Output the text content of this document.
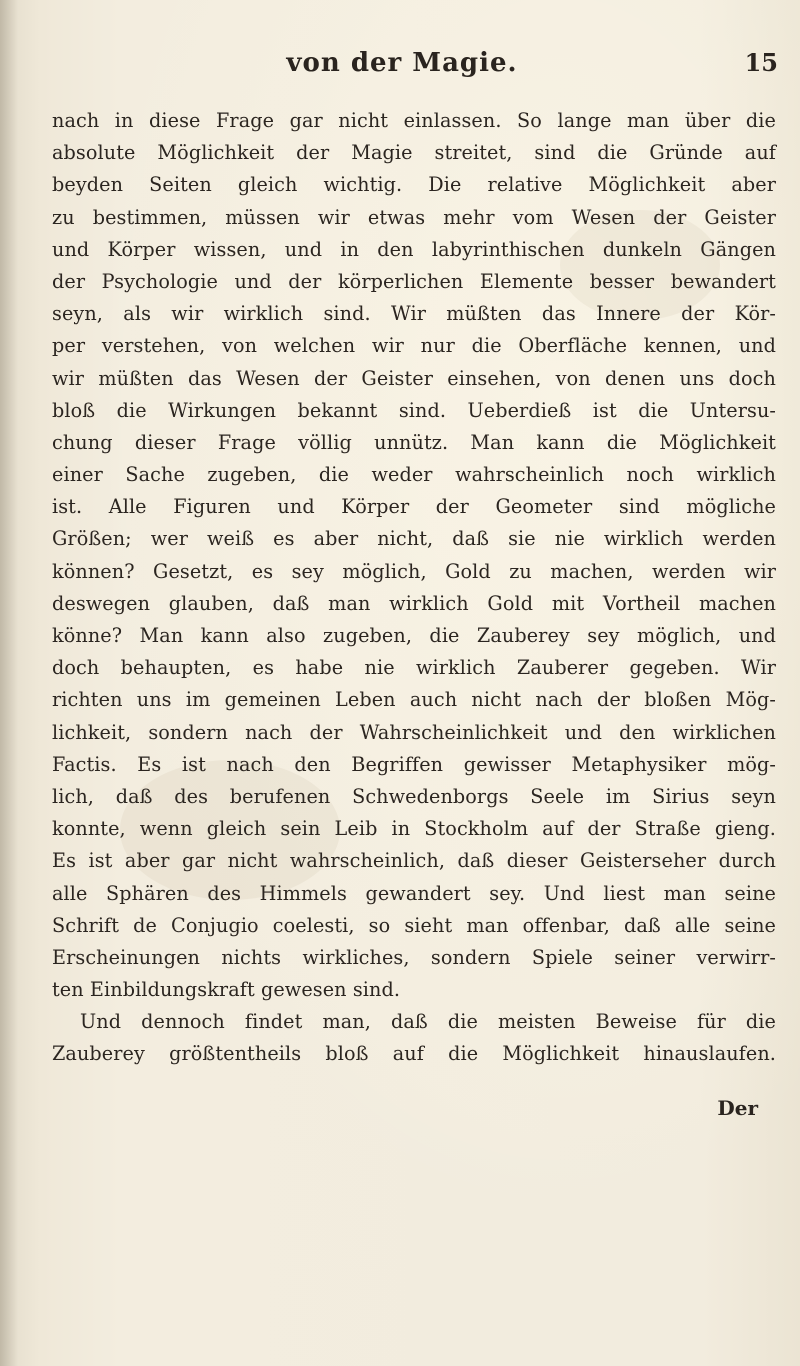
von der Magie.	15
nach in diese Frage gar nicht einlassen. So lange man über die
absolute Möglichkeit der Magie streitet, sind die Gründe auf
beyden Seiten gleich wichtig. Die relative Möglichkeit aber
zu bestimmen, müssen wir etwas mehr vom Wesen der Geister
und Körper wissen, und in den labyrinthischen dunkeln Gängen
der Psychologie und der körperlichen Elemente besser bewandert
seyn, als wir wirklich sind. Wir müßten das Innere der Kör-
per verstehen, von welchen wir nur die Oberfläche kennen, und
wir müßten das Wesen der Geister einsehen, von denen uns doch
bloß die Wirkungen bekannt sind. Ueberdieß ist die Untersu-
chung dieser Frage völlig unnütz. Man kann die Möglichkeit
einer Sache zugeben, die weder wahrscheinlich noch wirklich
ist. Alle Figuren und Körper der Geometer sind mögliche
Größen; wer weiß es aber nicht, daß sie nie wirklich werden
können? Gesetzt, es sey möglich, Gold zu machen, werden wir
deswegen glauben, daß man wirklich Gold mit Vortheil machen
könne? Man kann also zugeben, die Zauberey sey möglich, und
doch behaupten, es habe nie wirklich Zauberer gegeben. Wir
richten uns im gemeinen Leben auch nicht nach der bloßen Mög-
lichkeit, sondern nach der Wahrscheinlichkeit und den wirklichen
Factis. Es ist nach den Begriffen gewisser Metaphysiker mög-
lich, daß des berufenen Schwedenborgs Seele im Sirius seyn
konnte, wenn gleich sein Leib in Stockholm auf der Straße gieng.
Es ist aber gar nicht wahrscheinlich, daß dieser Geisterseher durch
alle Sphären des Himmels gewandert sey. Und liest man seine
Schrift de Conjugio coelesti, so sieht man offenbar, daß alle seine
Erscheinungen nichts wirkliches, sondern Spiele seiner verwirr-
ten Einbildungskraft gewesen sind.
Und dennoch findet man, daß die meisten Beweise für die
Zauberey größtentheils bloß auf die Möglichkeit hinauslaufen.
Der
